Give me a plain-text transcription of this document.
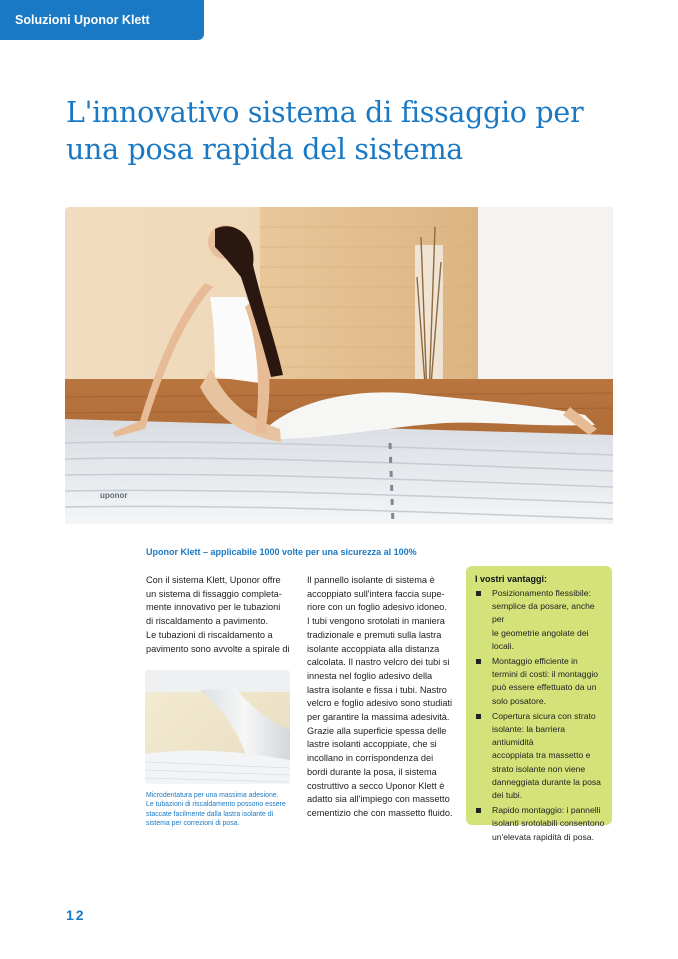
Soluzioni Uponor Klett
L'innovativo sistema di fissaggio per
una posa rapida del sistema
uponor
Uponor Klett – applicabile 1000 volte per una sicurezza al 100%
Con il sistema Klett, Uponor offre
un sistema di fissaggio completa-
mente innovativo per le tubazioni
di riscaldamento a pavimento.
Le tubazioni di riscaldamento a
pavimento sono avvolte a spirale di
Microdentatura per una massima adesione.
Le tubazioni di riscaldamento possono essere
staccate facilmente dalla lastra isolante di
sistema per correzioni di posa.
Il pannello isolante di sistema è
accoppiato sull'intera faccia supe-
riore con un foglio adesivo idoneo.
I tubi vengono srotolati in maniera
tradizionale e premuti sulla lastra
isolante accoppiata alla distanza
calcolata. Il nastro velcro dei tubi si
innesta nel foglio adesivo della
lastra isolante e fissa i tubi. Nastro
velcro e foglio adesivo sono studiati
per garantire la massima adesività.
Grazie alla superficie spessa delle
lastre isolanti accoppiate, che si
incollano in corrispondenza dei
bordi durante la posa, il sistema
costruttivo a secco Uponor Klett è
adatto sia all'impiego con massetto
cementizio che con massetto fluido.
I vostri vantaggi:
Posizionamento flessibile:
semplice da posare, anche per
le geometrie angolate dei
locali.
Montaggio efficiente in
termini di costi: il montaggio
può essere effettuato da un
solo posatore.
Copertura sicura con strato
isolante: la barriera antiumidità
accoppiata tra massetto e
strato isolante non viene
danneggiata durante la posa
dei tubi.
Rapido montaggio: i pannelli
isolanti srotolabili consentono
un'elevata rapidità di posa.
12
